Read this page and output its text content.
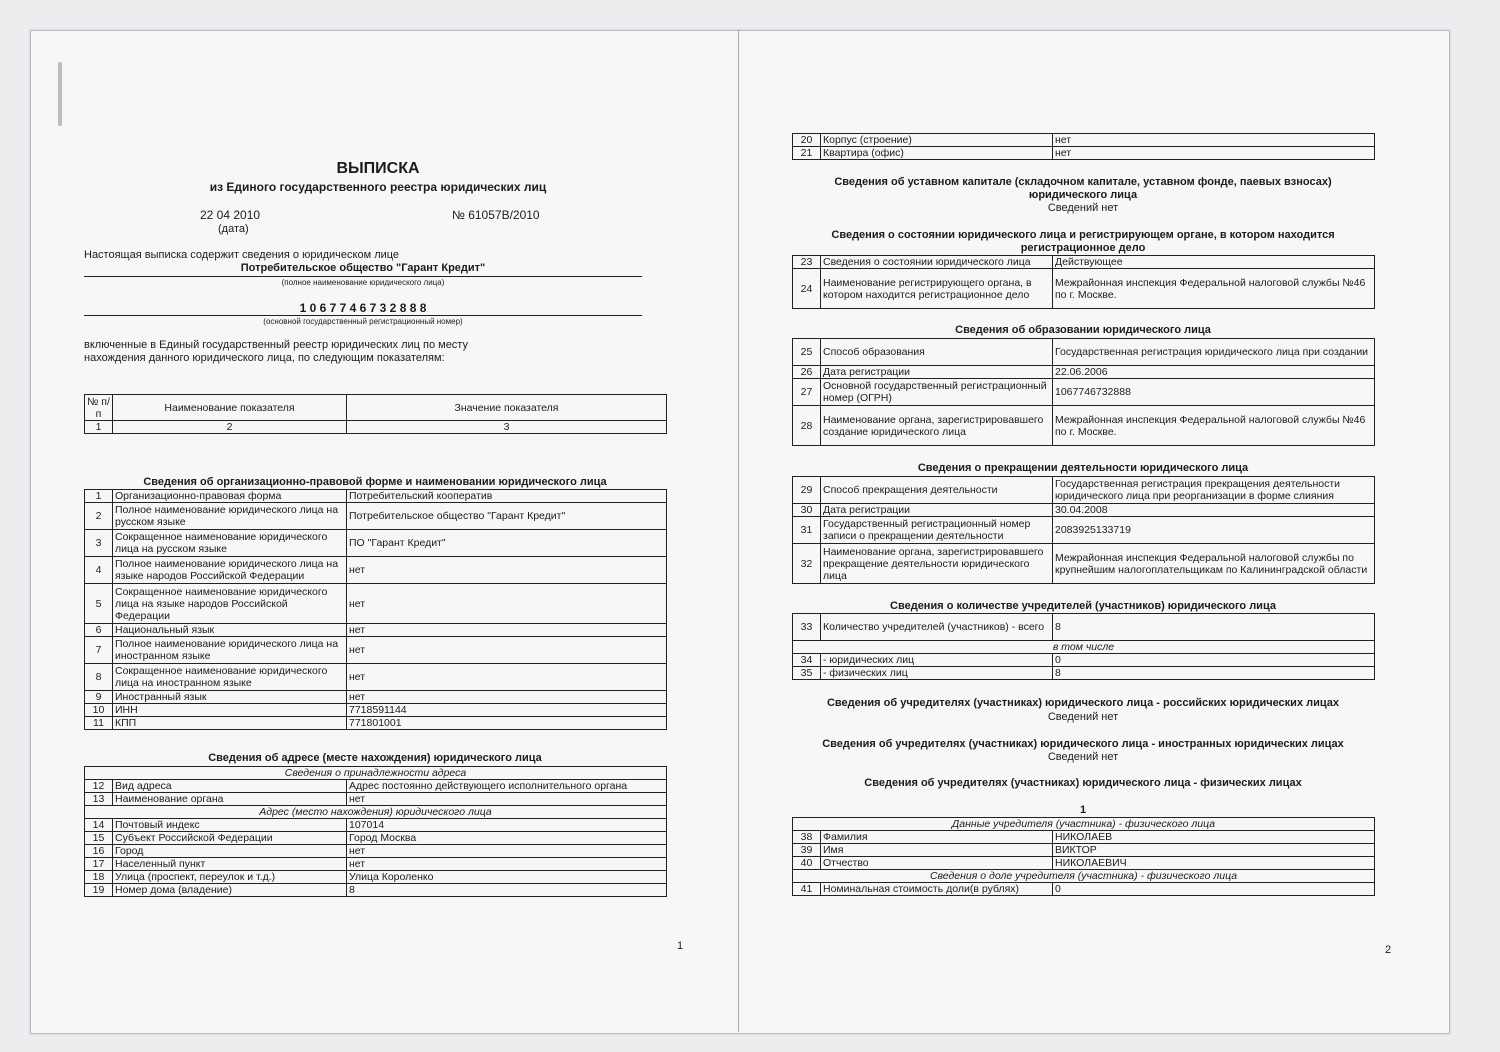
ВЫПИСКА
из Единого государственного реестра юридических лиц
22 04 2010
(дата)
№ 61057В/2010
Настоящая выписка содержит сведения о юридическом лице
Потребительское общество "Гарант Кредит"
(полное наименование юридического лица)
1 0 6 7 7 4 6 7 3 2 8 8 8
(основной государственный регистрационный номер)
включенные в Единый государственный реестр юридических лиц по месту
нахождения данного юридического лица, по следующим показателям:
№ п/п	Наименование показателя	Значение показателя
1	2	3
Сведения об организационно-правовой форме и наименовании юридического лица
1	Организационно-правовая форма	Потребительский кооператив
2	Полное наименование юридического лица на русском языке	Потребительское общество "Гарант Кредит"
3	Сокращенное наименование юридического лица на русском языке	ПО "Гарант Кредит"
4	Полное наименование юридического лица на языке народов Российской Федерации	нет
5	Сокращенное наименование юридического лица на языке народов Российской Федерации	нет
6	Национальный язык	нет
7	Полное наименование юридического лица на иностранном языке	нет
8	Сокращенное наименование юридического лица на иностранном языке	нет
9	Иностранный язык	нет
10	ИНН	7718591144
11	КПП	771801001
Сведения об адресе (месте нахождения) юридического лица
Сведения о принадлежности адреса		
12	Вид адреса	Адрес постоянно действующего исполнительного органа
13	Наименование органа	нет
Адрес (место нахождения) юридического лица		
14	Почтовый индекс	107014
15	Субъект Российской Федерации	Город Москва
16	Город	нет
17	Населенный пункт	нет
18	Улица (проспект, переулок и т.д.)	Улица Короленко
19	Номер дома (владение)	8
1
20	Корпус (строение)	нет
21	Квартира (офис)	нет
Сведения об уставном капитале (складочном капитале, уставном фонде, паевых взносах)
юридического лица
Сведений нет
Сведения о состоянии юридического лица и регистрирующем органе, в котором находится
регистрационное дело
23	Сведения о состоянии юридического лица	Действующее
24	Наименование регистрирующего органа, в котором находится регистрационное дело	Межрайонная инспекция Федеральной налоговой службы №46 по г. Москве.
Сведения об образовании юридического лица
25	Способ образования	Государственная регистрация юридического лица при создании
26	Дата регистрации	22.06.2006
27	Основной государственный регистрационный номер (ОГРН)	1067746732888
28	Наименование органа, зарегистрировавшего создание юридического лица	Межрайонная инспекция Федеральной налоговой службы №46 по г. Москве.
Сведения о прекращении деятельности юридического лица
29	Способ прекращения деятельности	Государственная регистрация прекращения деятельности юридического лица при реорганизации в форме слияния
30	Дата регистрации	30.04.2008
31	Государственный регистрационный номер записи о прекращении деятельности	2083925133719
32	Наименование органа, зарегистрировавшего прекращение деятельности юридического лица	Межрайонная инспекция Федеральной налоговой службы по крупнейшим налогоплательщикам по Калининградской области
Сведения о количестве учредителей (участников) юридического лица
33	Количество учредителей (участников) - всего	8
в том числе		
34	- юридических лиц	0
35	- физических лиц	8
Сведения об учредителях (участниках) юридического лица - российских юридических лицах
Сведений нет
Сведения об учредителях (участниках) юридического лица - иностранных юридических лицах
Сведений нет
Сведения об учредителях (участниках) юридического лица - физических лицах
1
Данные учредителя (участника) - физического лица		
38	Фамилия	НИКОЛАЕВ
39	Имя	ВИКТОР
40	Отчество	НИКОЛАЕВИЧ
Сведения о доле учредителя (участника) - физического лица		
41	Номинальная стоимость доли(в рублях)	0
2
